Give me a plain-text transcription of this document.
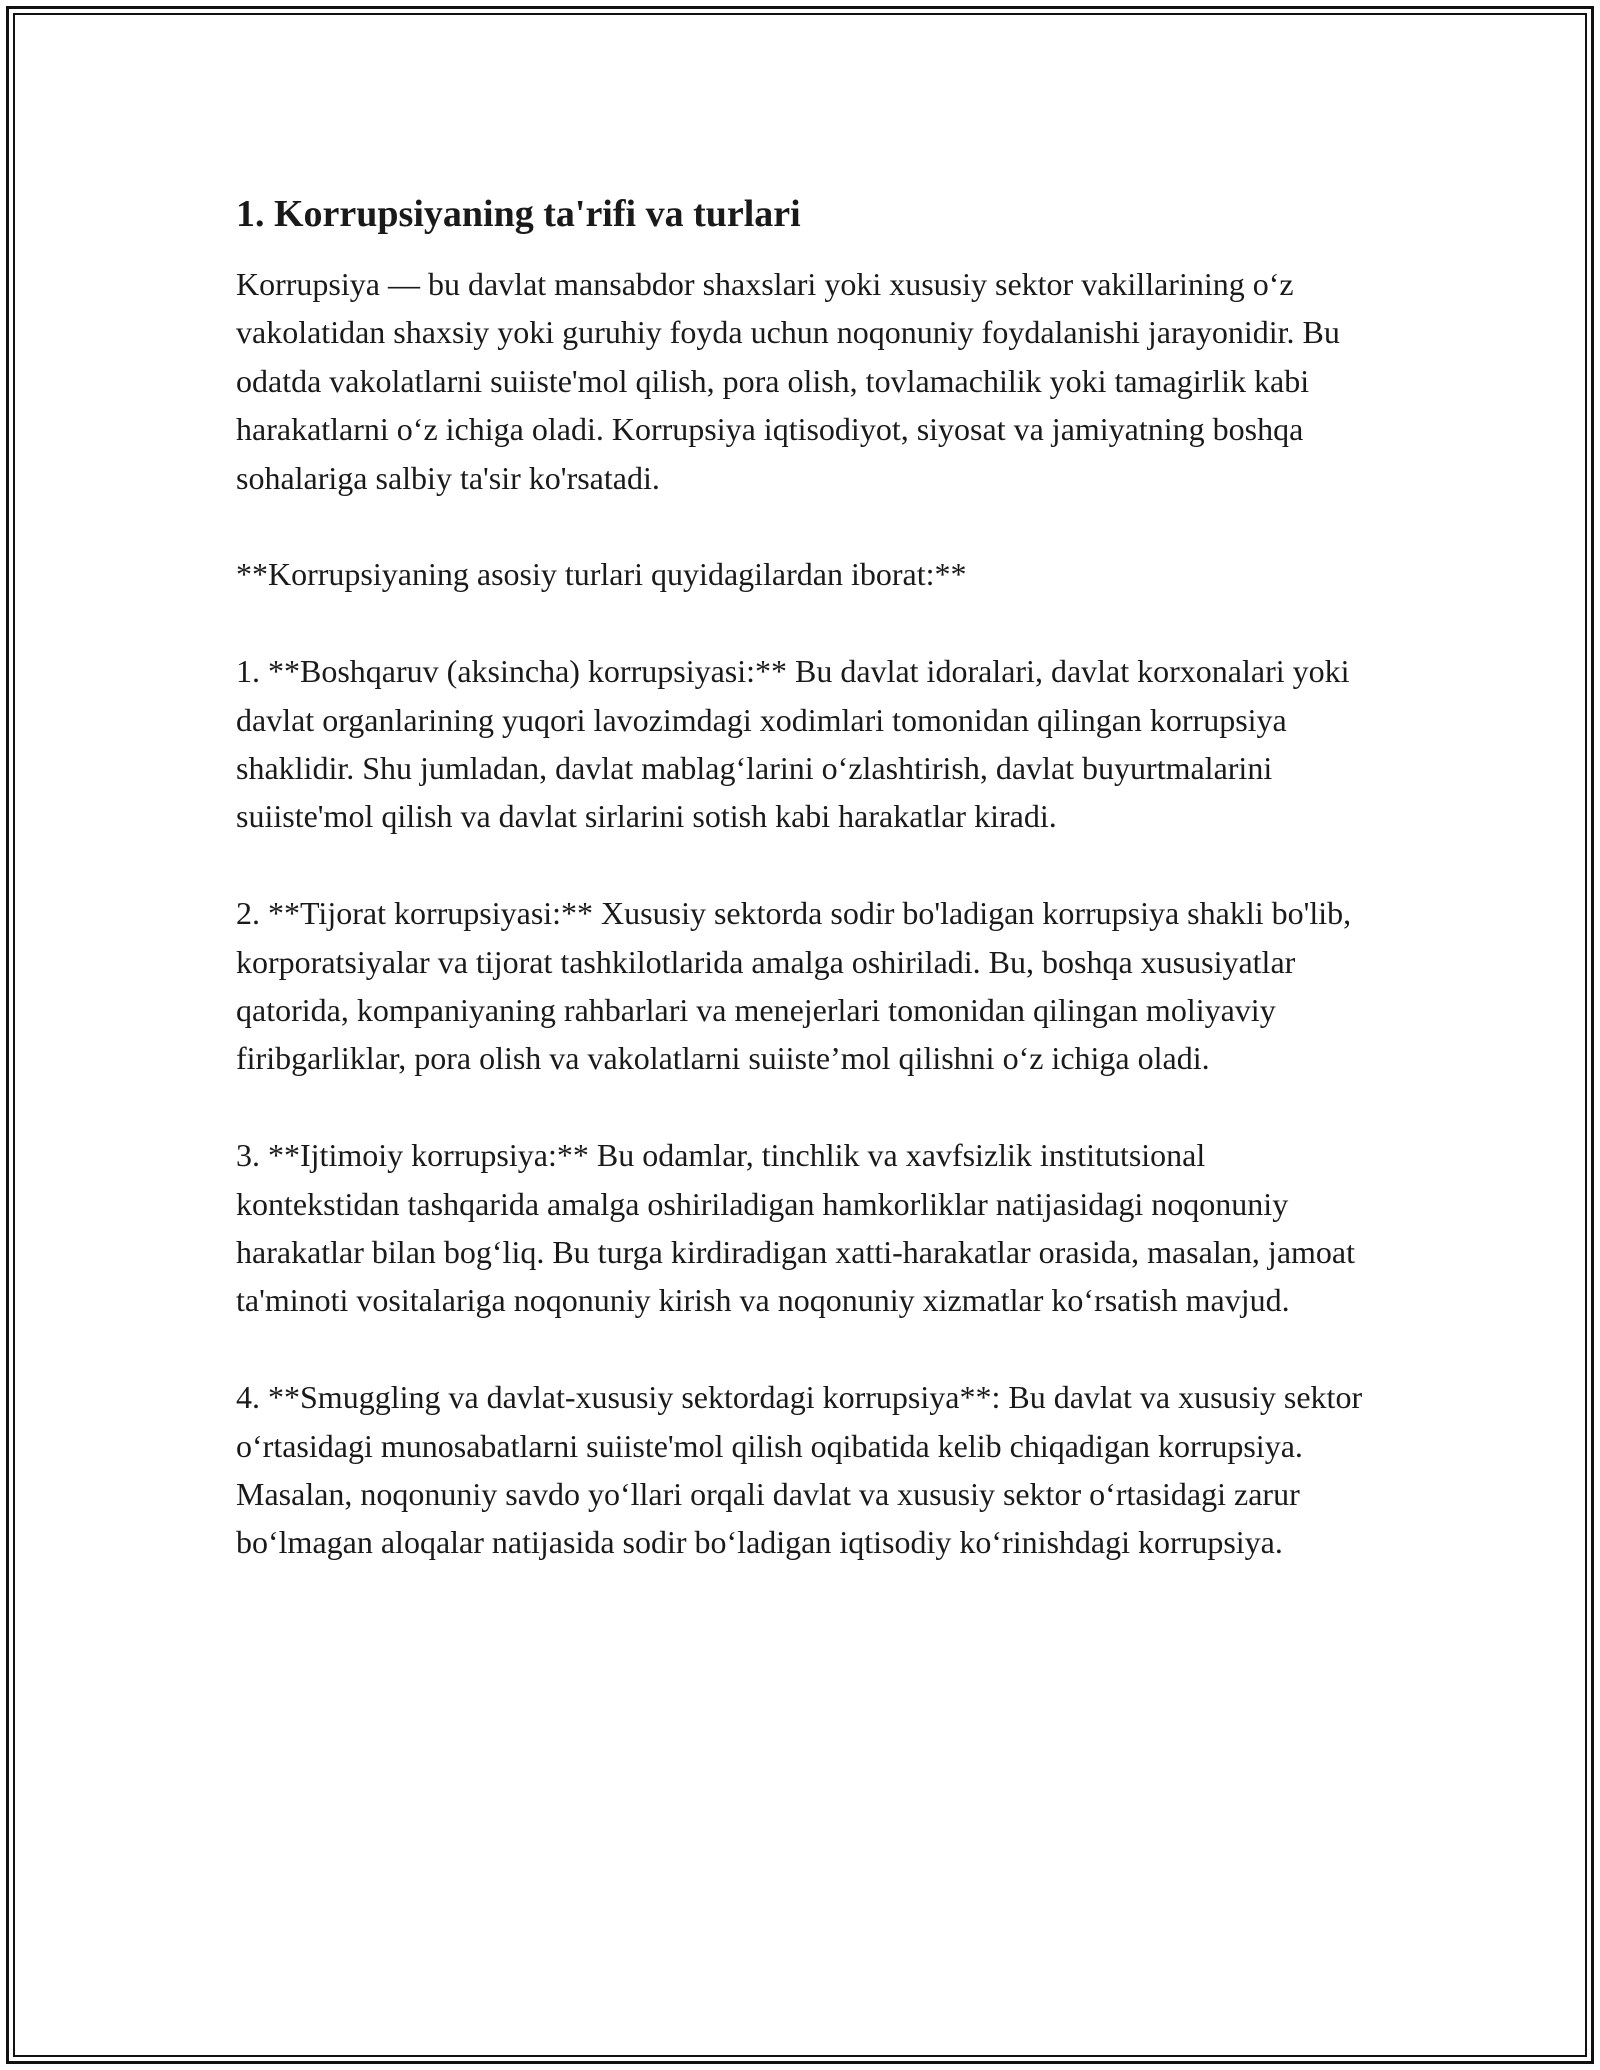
1. Korrupsiyaning ta'rifi va turlari

Korrupsiya — bu davlat mansabdor shaxslari yoki xususiy sektor vakillarining o‘z vakolatidan shaxsiy yoki guruhiy foyda uchun noqonuniy foydalanishi jarayonidir. Bu odatda vakolatlarni suiiste'mol qilish, pora olish, tovlamachilik yoki tamagirlik kabi harakatlarni o‘z ichiga oladi. Korrupsiya iqtisodiyot, siyosat va jamiyatning boshqa sohalariga salbiy ta'sir ko'rsatadi.

**Korrupsiyaning asosiy turlari quyidagilardan iborat:**

1. **Boshqaruv (aksincha) korrupsiyasi:** Bu davlat idoralari, davlat korxonalari yoki davlat organlarining yuqori lavozimdagi xodimlari tomonidan qilingan korrupsiya shaklidir. Shu jumladan, davlat mablag‘larini o‘zlashtirish, davlat buyurtmalarini suiiste'mol qilish va davlat sirlarini sotish kabi harakatlar kiradi.

2. **Tijorat korrupsiyasi:** Xususiy sektorda sodir bo'ladigan korrupsiya shakli bo'lib, korporatsiyalar va tijorat tashkilotlarida amalga oshiriladi. Bu, boshqa xususiyatlar qatorida, kompaniyaning rahbarlari va menejerlari tomonidan qilingan moliyaviy firibgarliklar, pora olish va vakolatlarni suiiste’mol qilishni o‘z ichiga oladi.

3. **Ijtimoiy korrupsiya:** Bu odamlar, tinchlik va xavfsizlik institutsional kontekstidan tashqarida amalga oshiriladigan hamkorliklar natijasidagi noqonuniy harakatlar bilan bog‘liq. Bu turga kirdiradigan xatti-harakatlar orasida, masalan, jamoat ta'minoti vositalariga noqonuniy kirish va noqonuniy xizmatlar ko‘rsatish mavjud.

4. **Smuggling va davlat-xususiy sektordagi korrupsiya**: Bu davlat va xususiy sektor o‘rtasidagi munosabatlarni suiiste'mol qilish oqibatida kelib chiqadigan korrupsiya. Masalan, noqonuniy savdo yo‘llari orqali davlat va xususiy sektor o‘rtasidagi zarur bo‘lmagan aloqalar natijasida sodir bo‘ladigan iqtisodiy ko‘rinishdagi korrupsiya.
